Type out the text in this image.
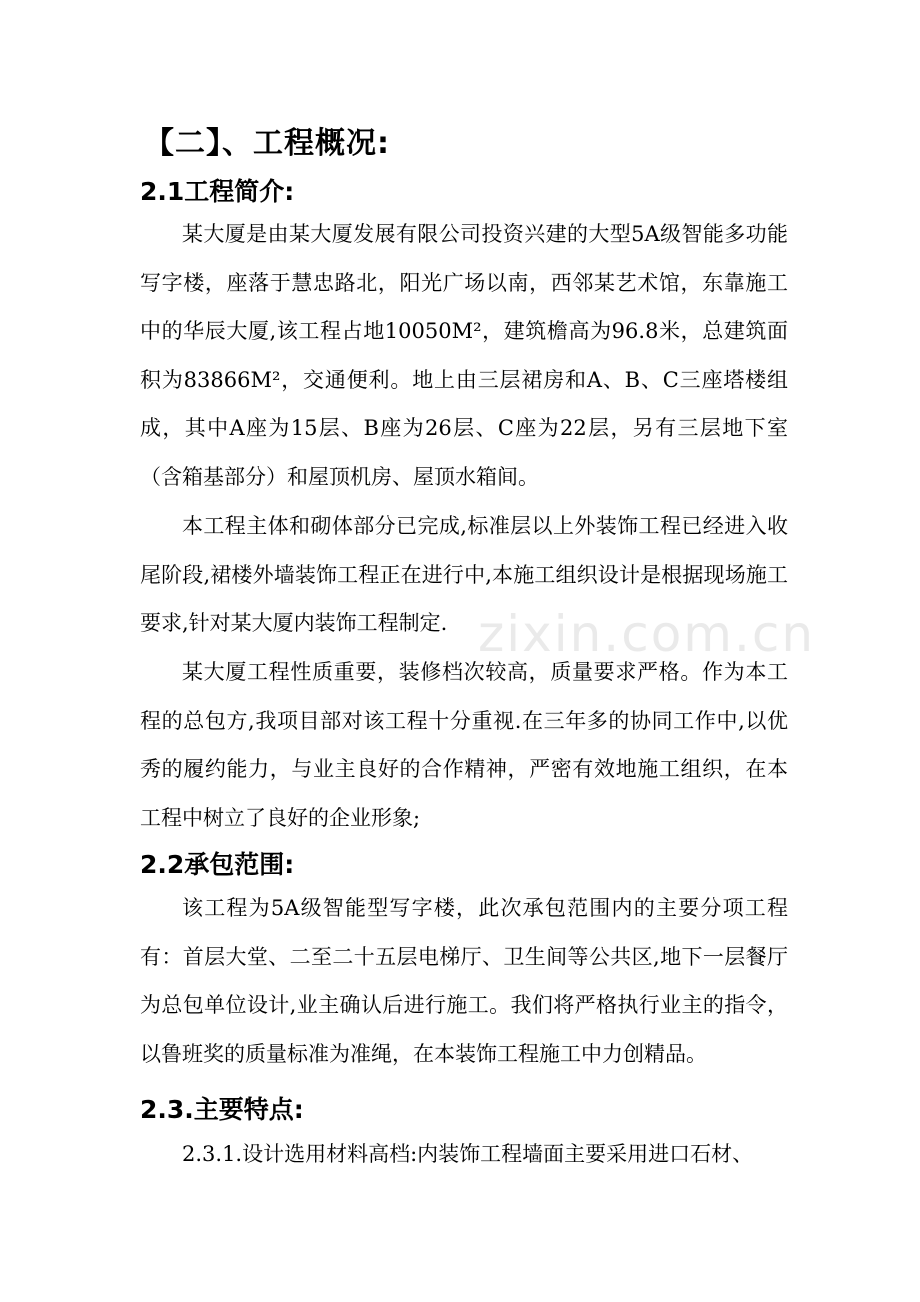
【二】、工程概况:
2.1工程简介:

某大厦是由某大厦发展有限公司投资兴建的大型5A级智能多功能写字楼，座落于慧忠路北，阳光广场以南，西邻某艺术馆，东靠施工中的华辰大厦,该工程占地10050M²，建筑檐高为96.8米，总建筑面积为83866M²，交通便利。地上由三层裙房和A、B、C三座塔楼组成，其中A座为15层、B座为26层、C座为22层，另有三层地下室（含箱基部分）和屋顶机房、屋顶水箱间。

本工程主体和砌体部分已完成,标准层以上外装饰工程已经进入收尾阶段,裙楼外墙装饰工程正在进行中,本施工组织设计是根据现场施工要求,针对某大厦内装饰工程制定.

某大厦工程性质重要，装修档次较高，质量要求严格。作为本工程的总包方,我项目部对该工程十分重视.在三年多的协同工作中,以优秀的履约能力，与业主良好的合作精神，严密有效地施工组织，在本工程中树立了良好的企业形象;

2.2承包范围:

该工程为5A级智能型写字楼，此次承包范围内的主要分项工程有：首层大堂、二至二十五层电梯厅、卫生间等公共区,地下一层餐厅为总包单位设计,业主确认后进行施工。我们将严格执行业主的指令，以鲁班奖的质量标准为准绳，在本装饰工程施工中力创精品。

2.3.主要特点:

2.3.1.设计选用材料高档:内装饰工程墙面主要采用进口石材、

zixin.com.cn
